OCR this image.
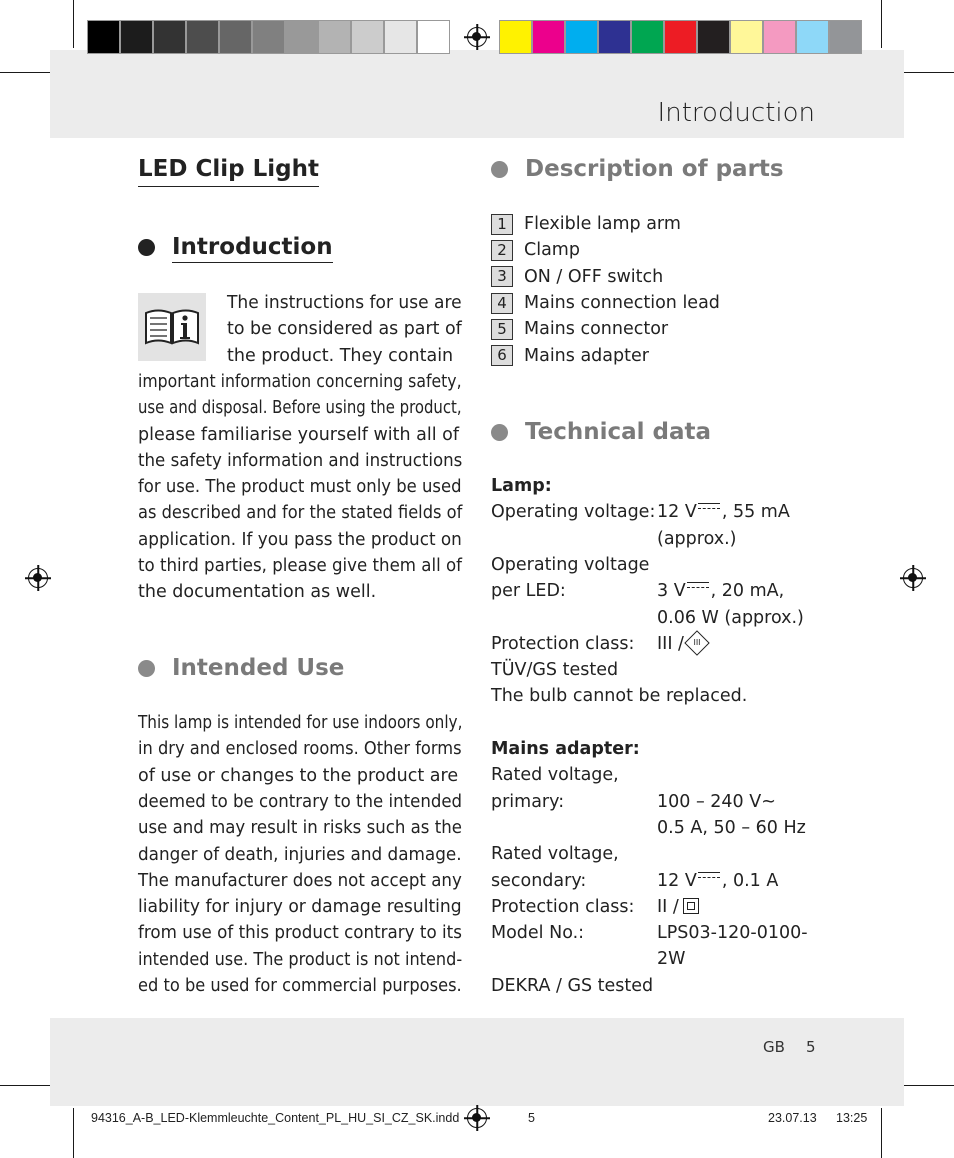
Introduction
LED Clip Light
Introduction
The instructions for use are
to be considered as part of
the product. They contain
important information concerning safety,
use and disposal. Before using the product,
please familiarise yourself with all of
the safety information and instructions
for use. The product must only be used
as described and for the stated fields of
application. If you pass the product on
to third parties, please give them all of
the documentation as well.
Intended Use
This lamp is intended for use indoors only,
in dry and enclosed rooms. Other forms
of use or changes to the product are
deemed to be contrary to the intended
use and may result in risks such as the
danger of death, injuries and damage.
The manufacturer does not accept any
liability for injury or damage resulting
from use of this product contrary to its
intended use. The product is not intend-
ed to be used for commercial purposes.
Description of parts
1 Flexible lamp arm
2 Clamp
3 ON / OFF switch
4 Mains connection lead
5 Mains connector
6 Mains adapter
Technical data
Lamp:
Operating voltage: 12 V , 55 mA
(approx.)
Operating voltage
per LED:	3 V , 20 mA,
0.06 W (approx.)
Protection class: III /	III
TÜV/GS tested
The bulb cannot be replaced.
Mains adapter:
Rated voltage,
primary:	100 – 240 V~
0.5 A, 50 – 60 Hz
Rated voltage,
secondary:	12 V , 0.1 A
Protection class: II /
Model No.:	LPS03-120-0100-
2W
DEKRA / GS tested
GB 5
94316_A-B_LED-Klemmleuchte_Content_PL_HU_SI_CZ_SK.indd	5	23.07.13 13:25
